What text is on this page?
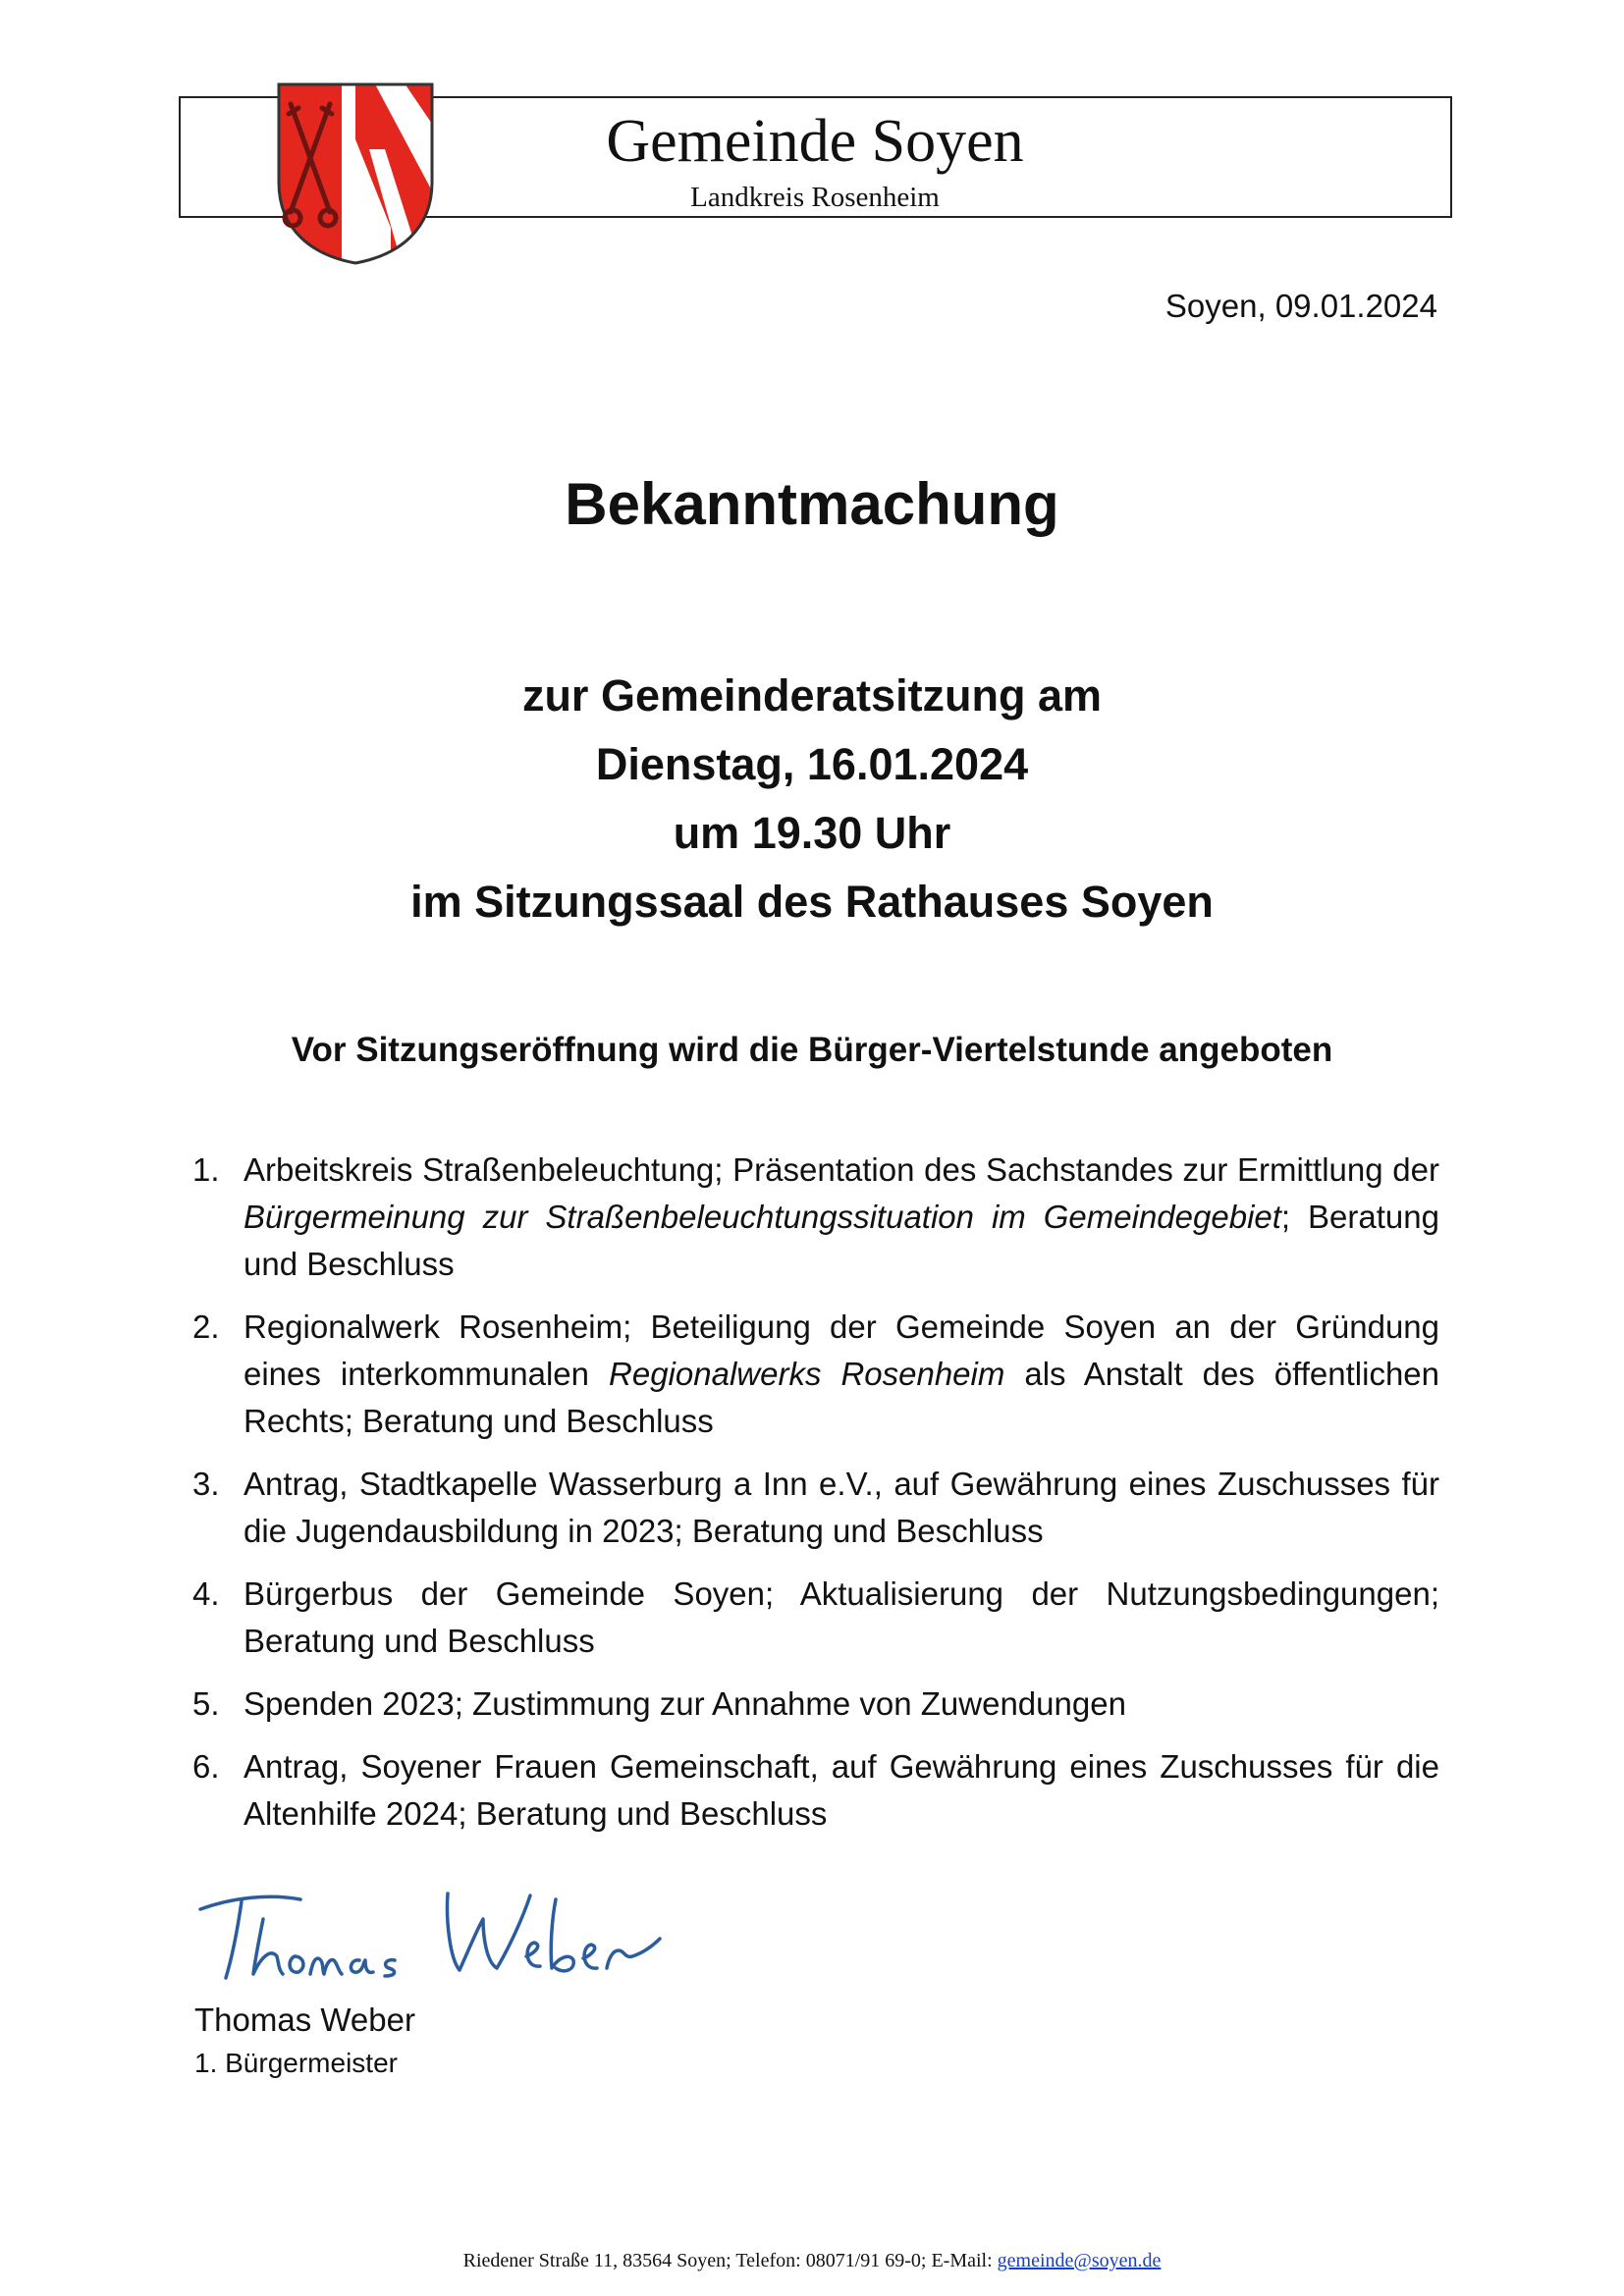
Gemeinde Soyen
Landkreis Rosenheim
Soyen, 09.01.2024
Bekanntmachung
zur Gemeinderatsitzung am
Dienstag, 16.01.2024
um 19.30 Uhr
im Sitzungssaal des Rathauses Soyen
Vor Sitzungseröffnung wird die Bürger-Viertelstunde angeboten
1. Arbeitskreis Straßenbeleuchtung; Präsentation des Sachstandes zur Ermittlung der Bürgermeinung zur Straßenbeleuchtungssituation im Gemeindegebiet; Beratung und Beschluss
2. Regionalwerk Rosenheim; Beteiligung der Gemeinde Soyen an der Gründung eines interkommunalen Regionalwerks Rosenheim als Anstalt des öffentlichen Rechts; Beratung und Beschluss
3. Antrag, Stadtkapelle Wasserburg a Inn e.V., auf Gewährung eines Zuschusses für die Jugendausbildung in 2023; Beratung und Beschluss
4. Bürgerbus der Gemeinde Soyen; Aktualisierung der Nutzungsbedingungen; Beratung und Beschluss
5. Spenden 2023; Zustimmung zur Annahme von Zuwendungen
6. Antrag, Soyener Frauen Gemeinschaft, auf Gewährung eines Zuschusses für die Altenhilfe 2024; Beratung und Beschluss
Thomas Weber
1. Bürgermeister
Riedener Straße 11, 83564 Soyen; Telefon: 08071/91 69-0; E-Mail: gemeinde@soyen.de
